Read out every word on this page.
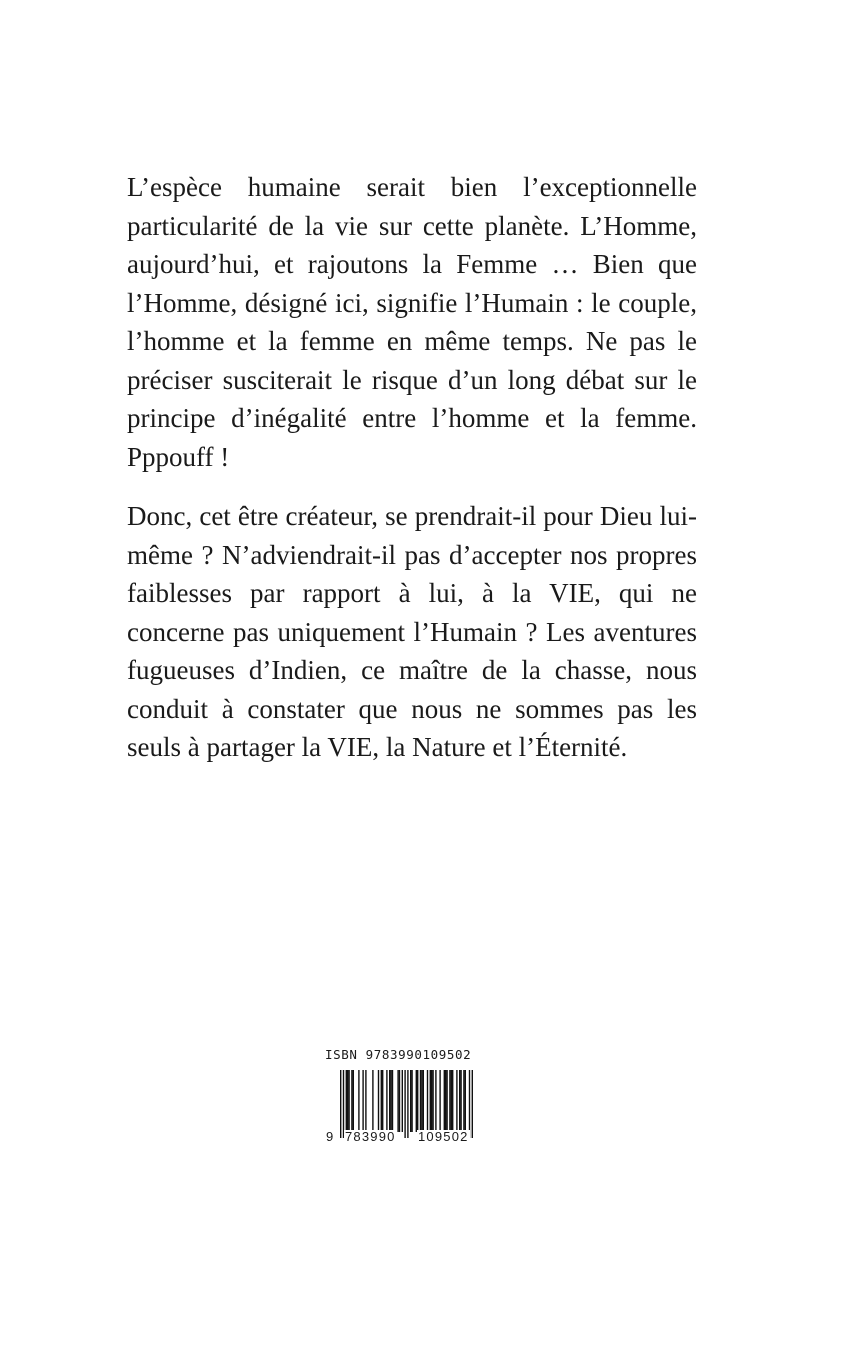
L’espèce humaine serait bien l’exceptionnelle particularité de la vie sur cette planète. L’Homme, aujourd’hui, et rajoutons la Femme … Bien que l’Homme, désigné ici, signifie l’Humain : le couple, l’homme et la femme en même temps. Ne pas le préciser susciterait le risque d’un long débat sur le principe d’inégalité entre l’homme et la femme. Pppouff !

Donc, cet être créateur, se prendrait-il pour Dieu lui-même ? N’adviendrait-il pas d’accepter nos propres faiblesses par rapport à lui, à la VIE, qui ne concerne pas uniquement l’Humain ? Les aventures fugueuses d’Indien, ce maître de la chasse, nous conduit à constater que nous ne sommes pas les seuls à partager la VIE, la Nature et l’Éternité.

ISBN 9783990109502
9 783990 109502
